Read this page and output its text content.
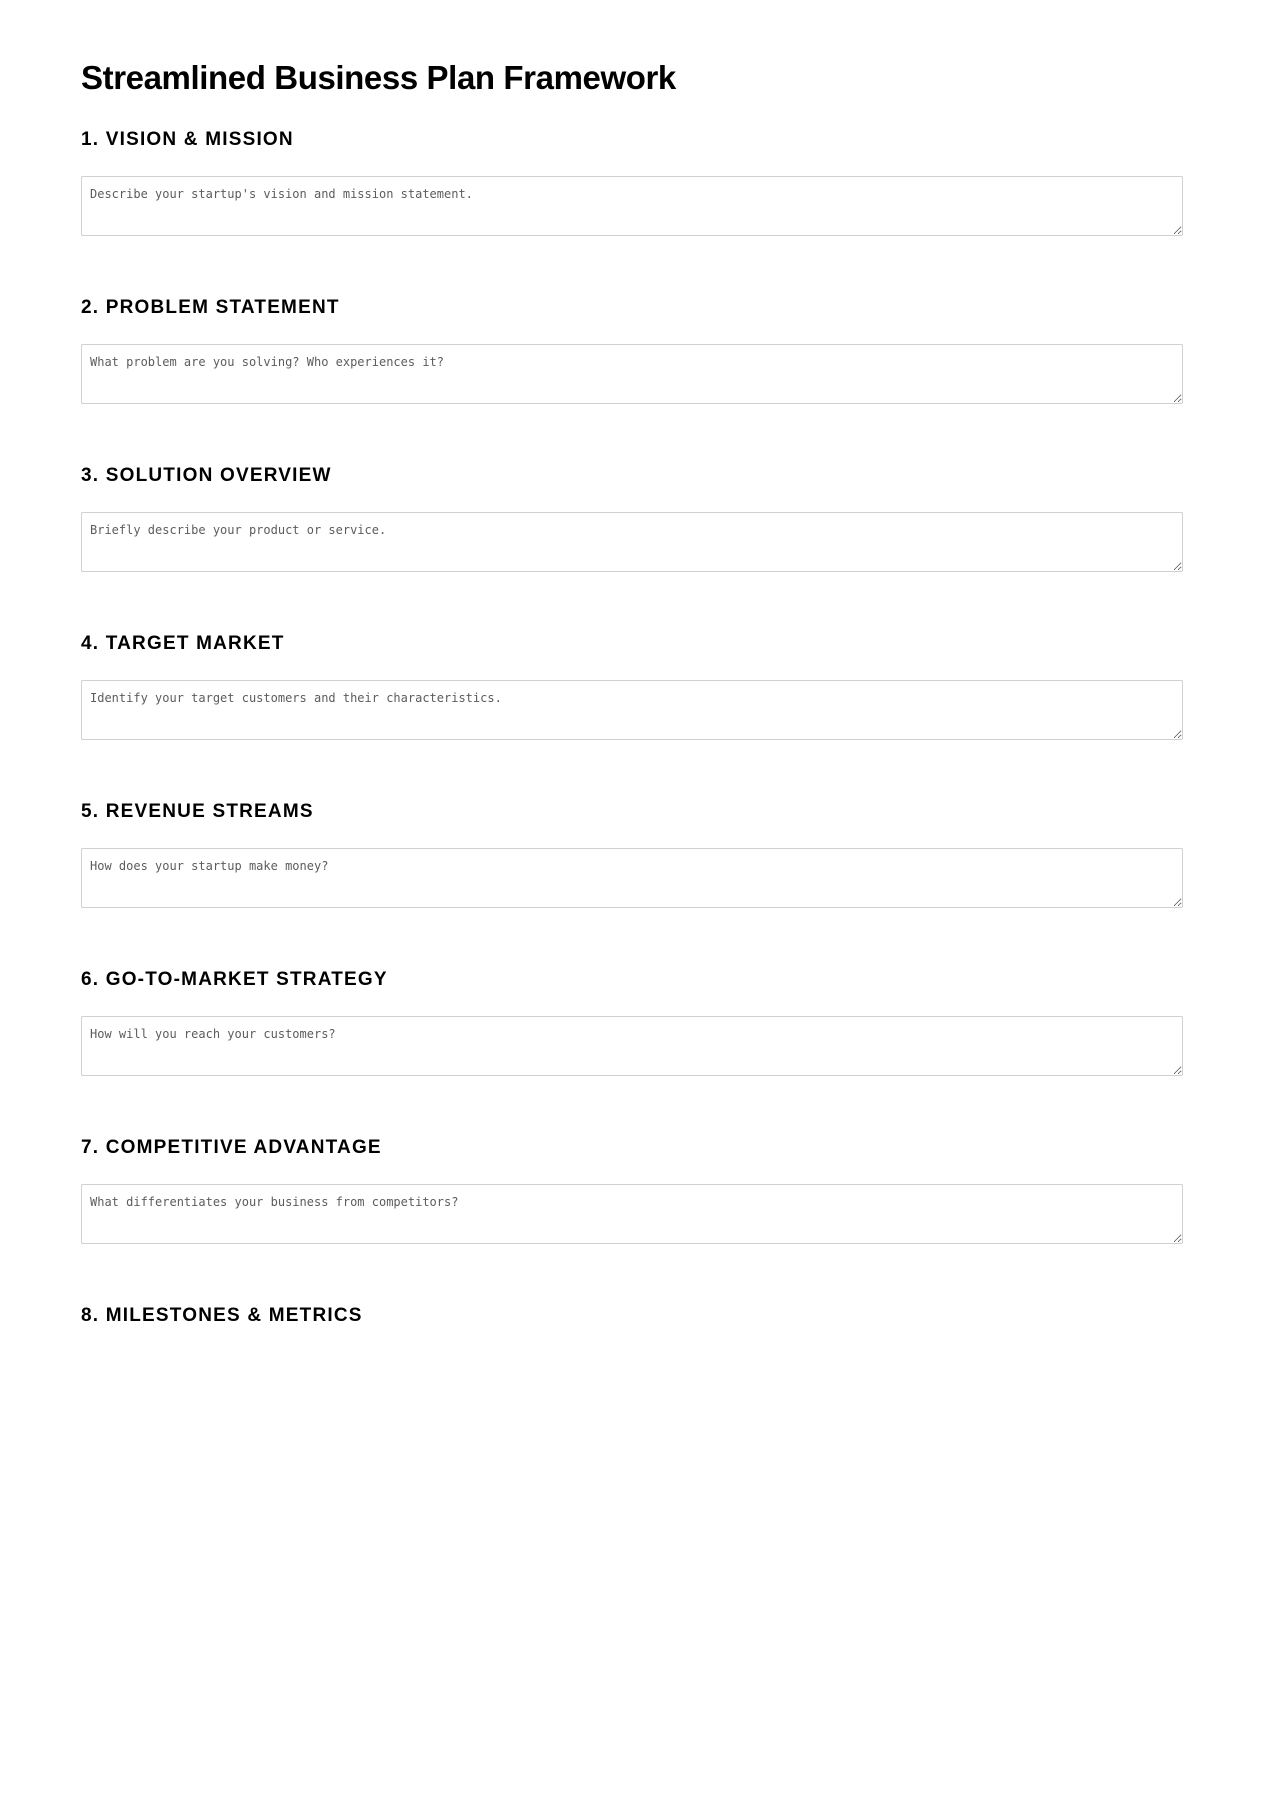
Streamlined Business Plan Framework
1. VISION & MISSION
Describe your startup's vision and mission statement.
2. PROBLEM STATEMENT
What problem are you solving? Who experiences it?
3. SOLUTION OVERVIEW
Briefly describe your product or service.
4. TARGET MARKET
Identify your target customers and their characteristics.
5. REVENUE STREAMS
How does your startup make money?
6. GO-TO-MARKET STRATEGY
How will you reach your customers?
7. COMPETITIVE ADVANTAGE
What differentiates your business from competitors?
8. MILESTONES & METRICS
